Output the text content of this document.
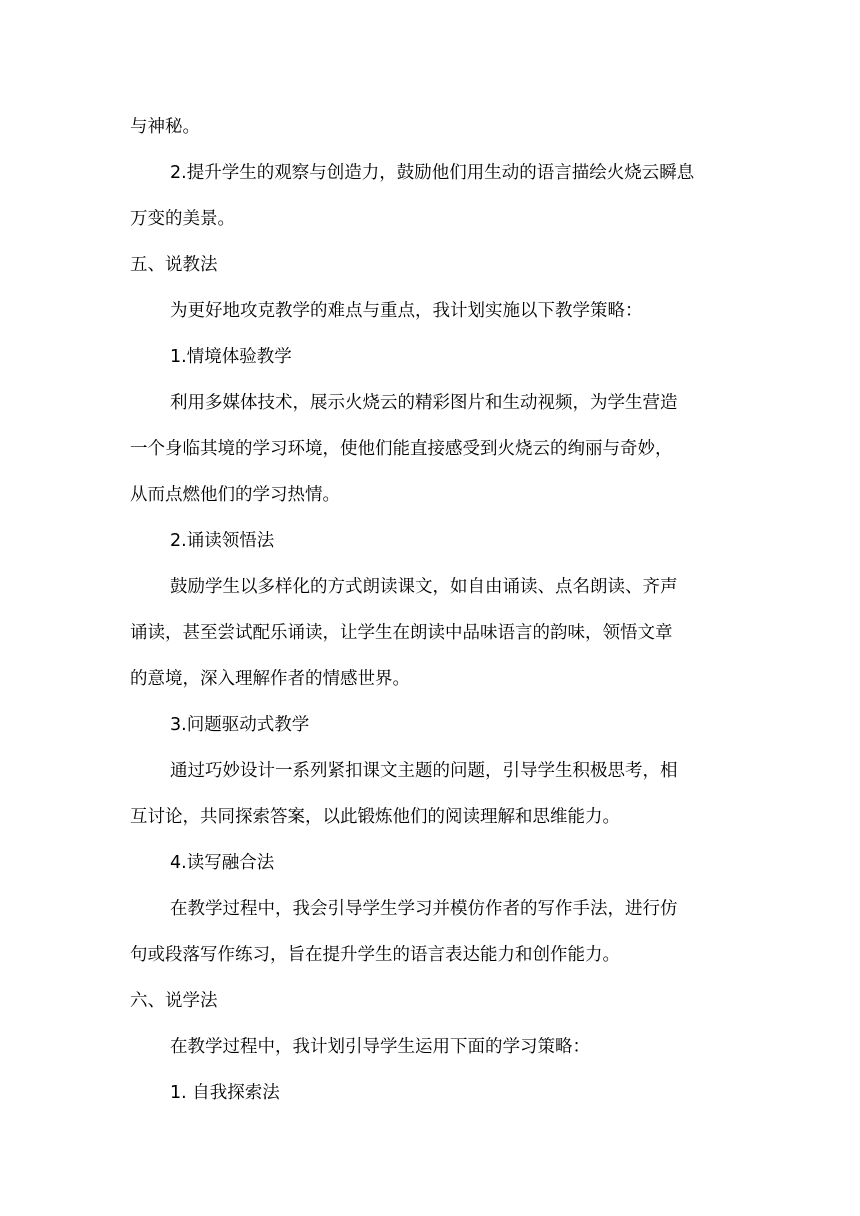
与神秘。
2.提升学生的观察与创造力，鼓励他们用生动的语言描绘火烧云瞬息
万变的美景。
五、说教法
为更好地攻克教学的难点与重点，我计划实施以下教学策略：
1.情境体验教学
利用多媒体技术，展示火烧云的精彩图片和生动视频，为学生营造
一个身临其境的学习环境，使他们能直接感受到火烧云的绚丽与奇妙，
从而点燃他们的学习热情。
2.诵读领悟法
鼓励学生以多样化的方式朗读课文，如自由诵读、点名朗读、齐声
诵读，甚至尝试配乐诵读，让学生在朗读中品味语言的韵味，领悟文章
的意境，深入理解作者的情感世界。
3.问题驱动式教学
通过巧妙设计一系列紧扣课文主题的问题，引导学生积极思考，相
互讨论，共同探索答案，以此锻炼他们的阅读理解和思维能力。
4.读写融合法
在教学过程中，我会引导学生学习并模仿作者的写作手法，进行仿
句或段落写作练习，旨在提升学生的语言表达能力和创作能力。
六、说学法
在教学过程中，我计划引导学生运用下面的学习策略：
1. 自我探索法
